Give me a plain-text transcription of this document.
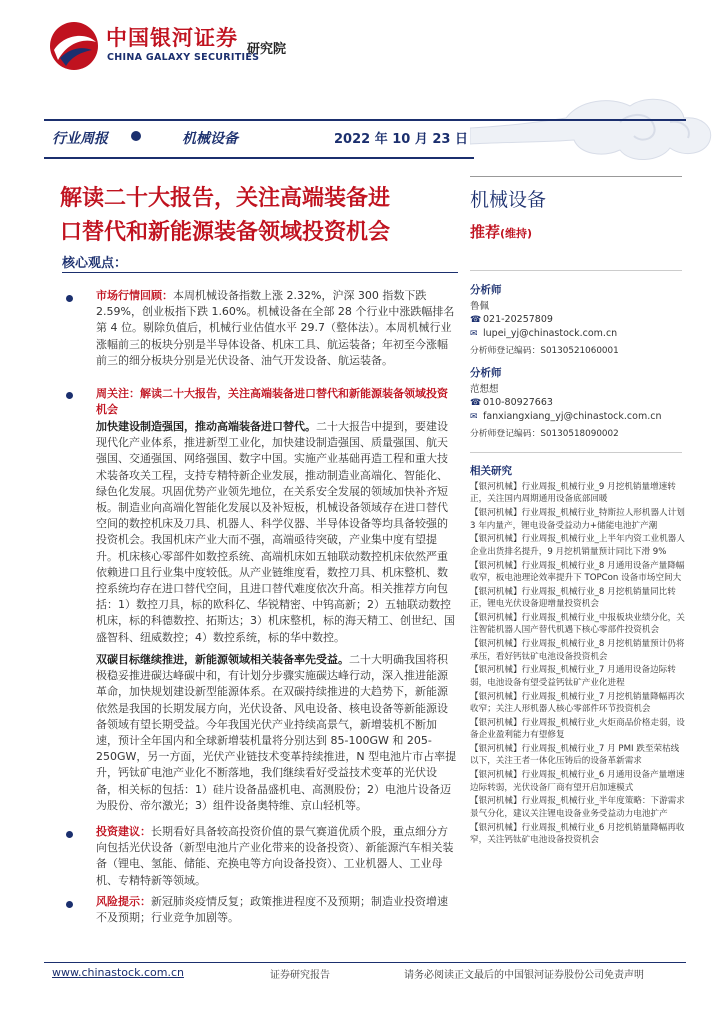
中国银河证券
CHINA GALAXY SECURITIES
研究院
行业周报	机械设备	2022 年 10 月 23 日
解读二十大报告，关注高端装备进
口替代和新能源装备领域投资机会
核心观点：
市场行情回顾：本周机械设备指数上涨 2.32%，沪深 300 指数下跌 2.59%，创业板指下跌 1.60%。机械设备在全部 28 个行业中涨跌幅排名第 4 位。剔除负值后，机械行业估值水平 29.7（整体法）。本周机械行业涨幅前三的板块分别是半导体设备、机床工具、航运装备；年初至今涨幅前三的细分板块分别是光伏设备、油气开发设备、航运装备。
周关注：解读二十大报告，关注高端装备进口替代和新能源装备领域投资机会
加快建设制造强国，推动高端装备进口替代。二十大报告中提到，要建设现代化产业体系，推进新型工业化，加快建设制造强国、质量强国、航天强国、交通强国、网络强国、数字中国。实施产业基础再造工程和重大技术装备攻关工程，支持专精特新企业发展，推动制造业高端化、智能化、绿色化发展。巩固优势产业领先地位，在关系安全发展的领域加快补齐短板。制造业向高端化智能化发展以及补短板，机械设备领域存在进口替代空间的数控机床及刀具、机器人、科学仪器、半导体设备等均具备较强的投资机会。我国机床产业大而不强，高端亟待突破，产业集中度有望提升。机床核心零部件如数控系统、高端机床如五轴联动数控机床依然严重依赖进口且行业集中度较低。从产业链维度看，数控刀具、机床整机、数控系统均存在进口替代空间，且进口替代难度依次升高。相关推荐方向包括：1）数控刀具，标的欧科亿、华锐精密、中钨高新；2）五轴联动数控机床，标的科德数控、拓斯达；3）机床整机，标的海天精工、创世纪、国盛智科、纽威数控；4）数控系统，标的华中数控。
双碳目标继续推进，新能源领域相关装备率先受益。二十大明确我国将积极稳妥推进碳达峰碳中和，有计划分步骤实施碳达峰行动，深入推进能源革命，加快规划建设新型能源体系。在双碳持续推进的大趋势下，新能源依然是我国的长期发展方向，光伏设备、风电设备、核电设备等新能源设备领域有望长期受益。今年我国光伏产业持续高景气，新增装机不断加速，预计全年国内和全球新增装机量将分别达到 85-100GW 和 205-250GW，另一方面，光伏产业链技术变革持续推进，N 型电池片市占率提升，钙钛矿电池产业化不断落地，我们继续看好受益技术变革的光伏设备，相关标的包括：1）硅片设备晶盛机电、高测股份；2）电池片设备迈为股份、帝尔激光；3）组件设备奥特维、京山轻机等。
投资建议：长期看好具备较高投资价值的景气赛道优质个股，重点细分方向包括光伏设备（新型电池片产业化带来的设备投资）、新能源汽车相关装备（锂电、氢能、储能、充换电等方向设备投资）、工业机器人、工业母机、专精特新等领域。
风险提示：新冠肺炎疫情反复；政策推进程度不及预期；制造业投资增速不及预期；行业竞争加剧等。
机械设备
推荐(维持)
分析师
鲁佩
☎ 021-20257809
✉ lupei_yj@chinastock.com.cn
分析师登记编码：S0130521060001
分析师
范想想
☎ 010-80927663
✉ fanxiangxiang_yj@chinastock.com.cn
分析师登记编码：S0130518090002
相关研究
【银河机械】行业周报_机械行业_9 月挖机销量增速转正，关注国内周期通用设备底部回暖
【银河机械】行业周报_机械行业_特斯拉人形机器人计划 3 年内量产，锂电设备受益动力+储能电池扩产潮
【银河机械】行业周报_机械行业_上半年内资工业机器人企业出货排名提升，9 月挖机销量预计同比下滑 9%
【银河机械】行业周报_机械行业_8 月通用设备产量降幅收窄，板电池理论效率提升下 TOPCon 设备市场空间大
【银河机械】行业周报_机械行业_8 月挖机销量同比转正，锂电光伏设备迎增量投资机会
【银河机械】行业周报_机械行业_中报板块业绩分化，关注智能机器人国产替代机遇下核心零部件投资机会
【银河机械】行业周报_机械行业_8 月挖机销量预计仍将承压，看好钙钛矿电池设备投资机会
【银河机械】行业周报_机械行业_7 月通用设备边际转弱，电池设备有望受益钙钛矿产业化进程
【银河机械】行业周报_机械行业_7 月挖机销量降幅再次收窄；关注人形机器人核心零部件环节投资机会
【银河机械】行业周报_机械行业_火炬商品价格走弱，设备企业盈利能力有望修复
【银河机械】行业周报_机械行业_7 月 PMI 跌至荣枯线以下，关注王者一体化压铸后的设备革新需求
【银河机械】行业周报_机械行业_6 月通用设备产量增速边际转弱，光伏设备厂商有望开启加速模式
【银河机械】行业周报_机械行业_半年度策略：下游需求景气分化，建议关注锂电设备业务受益动力电池扩产
【银河机械】行业周报_机械行业_6 月挖机销量降幅再收窄，关注钙钛矿电池设备投资机会
www.chinastock.com.cn	证券研究报告	请务必阅读正文最后的中国银河证券股份公司免责声明
